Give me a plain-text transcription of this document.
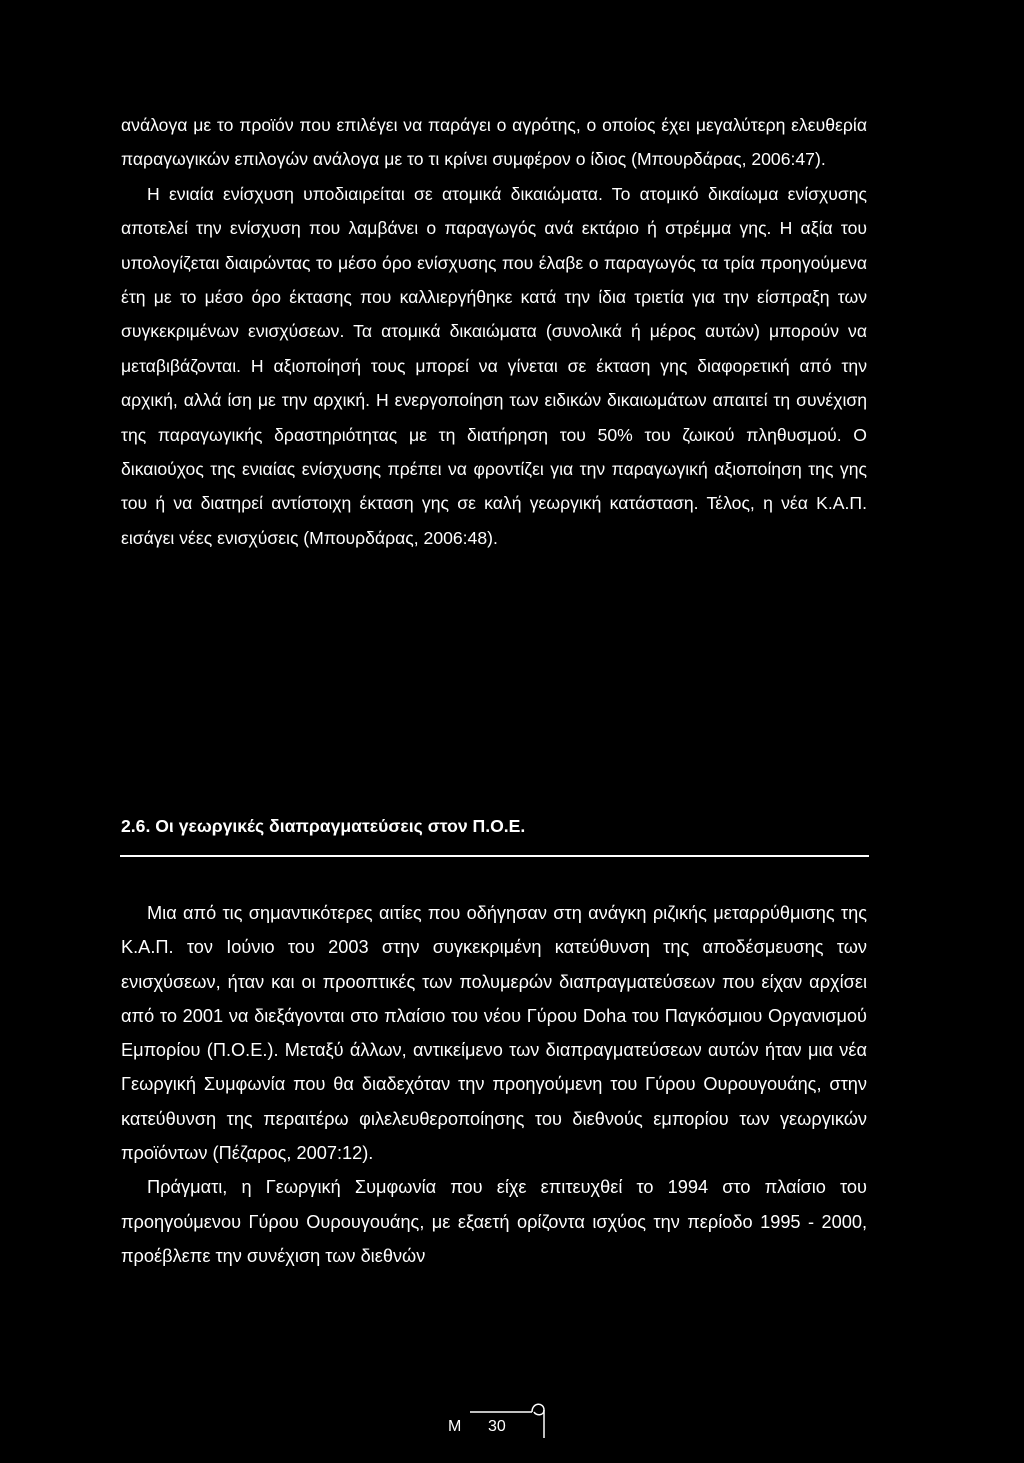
ανάλογα με το προϊόν που επιλέγει να παράγει ο αγρότης, ο οποίος έχει μεγαλύτερη ελευθερία παραγωγικών επιλογών ανάλογα με το τι κρίνει συμφέρον ο ίδιος (Μπουρδάρας, 2006:47).

Η ενιαία ενίσχυση υποδιαιρείται σε ατομικά δικαιώματα. Το ατομικό δικαίωμα ενίσχυσης αποτελεί την ενίσχυση που λαμβάνει ο παραγωγός ανά εκτάριο ή στρέμμα γης. Η αξία του υπολογίζεται διαιρώντας το μέσο όρο ενίσχυσης που έλαβε ο παραγωγός τα τρία προηγούμενα έτη με το μέσο όρο έκτασης που καλλιεργήθηκε κατά την ίδια τριετία για την είσπραξη των συγκεκριμένων ενισχύσεων. Τα ατομικά δικαιώματα (συνολικά ή μέρος αυτών) μπορούν να μεταβιβάζονται. Η αξιοποίησή τους μπορεί να γίνεται σε έκταση γης διαφορετική από την αρχική, αλλά ίση με την αρχική. Η ενεργοποίηση των ειδικών δικαιωμάτων απαιτεί τη συνέχιση της παραγωγικής δραστηριότητας με τη διατήρηση του 50% του ζωικού πληθυσμού. Ο δικαιούχος της ενιαίας ενίσχυσης πρέπει να φροντίζει για την παραγωγική αξιοποίηση της γης του ή να διατηρεί αντίστοιχη έκταση γης σε καλή γεωργική κατάσταση. Τέλος, η νέα Κ.Α.Π. εισάγει νέες ενισχύσεις (Μπουρδάρας, 2006:48).

2.6. Οι γεωργικές διαπραγματεύσεις στον Π.Ο.Ε.

Μια από τις σημαντικότερες αιτίες που οδήγησαν στη ανάγκη ριζικής μεταρρύθμισης της Κ.Α.Π. τον Ιούνιο του 2003 στην συγκεκριμένη κατεύθυνση της αποδέσμευσης των ενισχύσεων, ήταν και οι προοπτικές των πολυμερών διαπραγματεύσεων που είχαν αρχίσει από το 2001 να διεξάγονται στο πλαίσιο του νέου Γύρου Doha του Παγκόσμιου Οργανισμού Εμπορίου (Π.Ο.Ε.). Μεταξύ άλλων, αντικείμενο των διαπραγματεύσεων αυτών ήταν μια νέα Γεωργική Συμφωνία που θα διαδεχόταν την προηγούμενη του Γύρου Ουρουγουάης, στην κατεύθυνση της περαιτέρω φιλελευθεροποίησης του διεθνούς εμπορίου των γεωργικών προϊόντων (Πέζαρος, 2007:12).

Πράγματι, η Γεωργική Συμφωνία που είχε επιτευχθεί το 1994 στο πλαίσιο του προηγούμενου Γύρου Ουρουγουάης, με εξαετή ορίζοντα ισχύος την περίοδο 1995 - 2000, προέβλεπε την συνέχιση των διεθνών

Μ 30
